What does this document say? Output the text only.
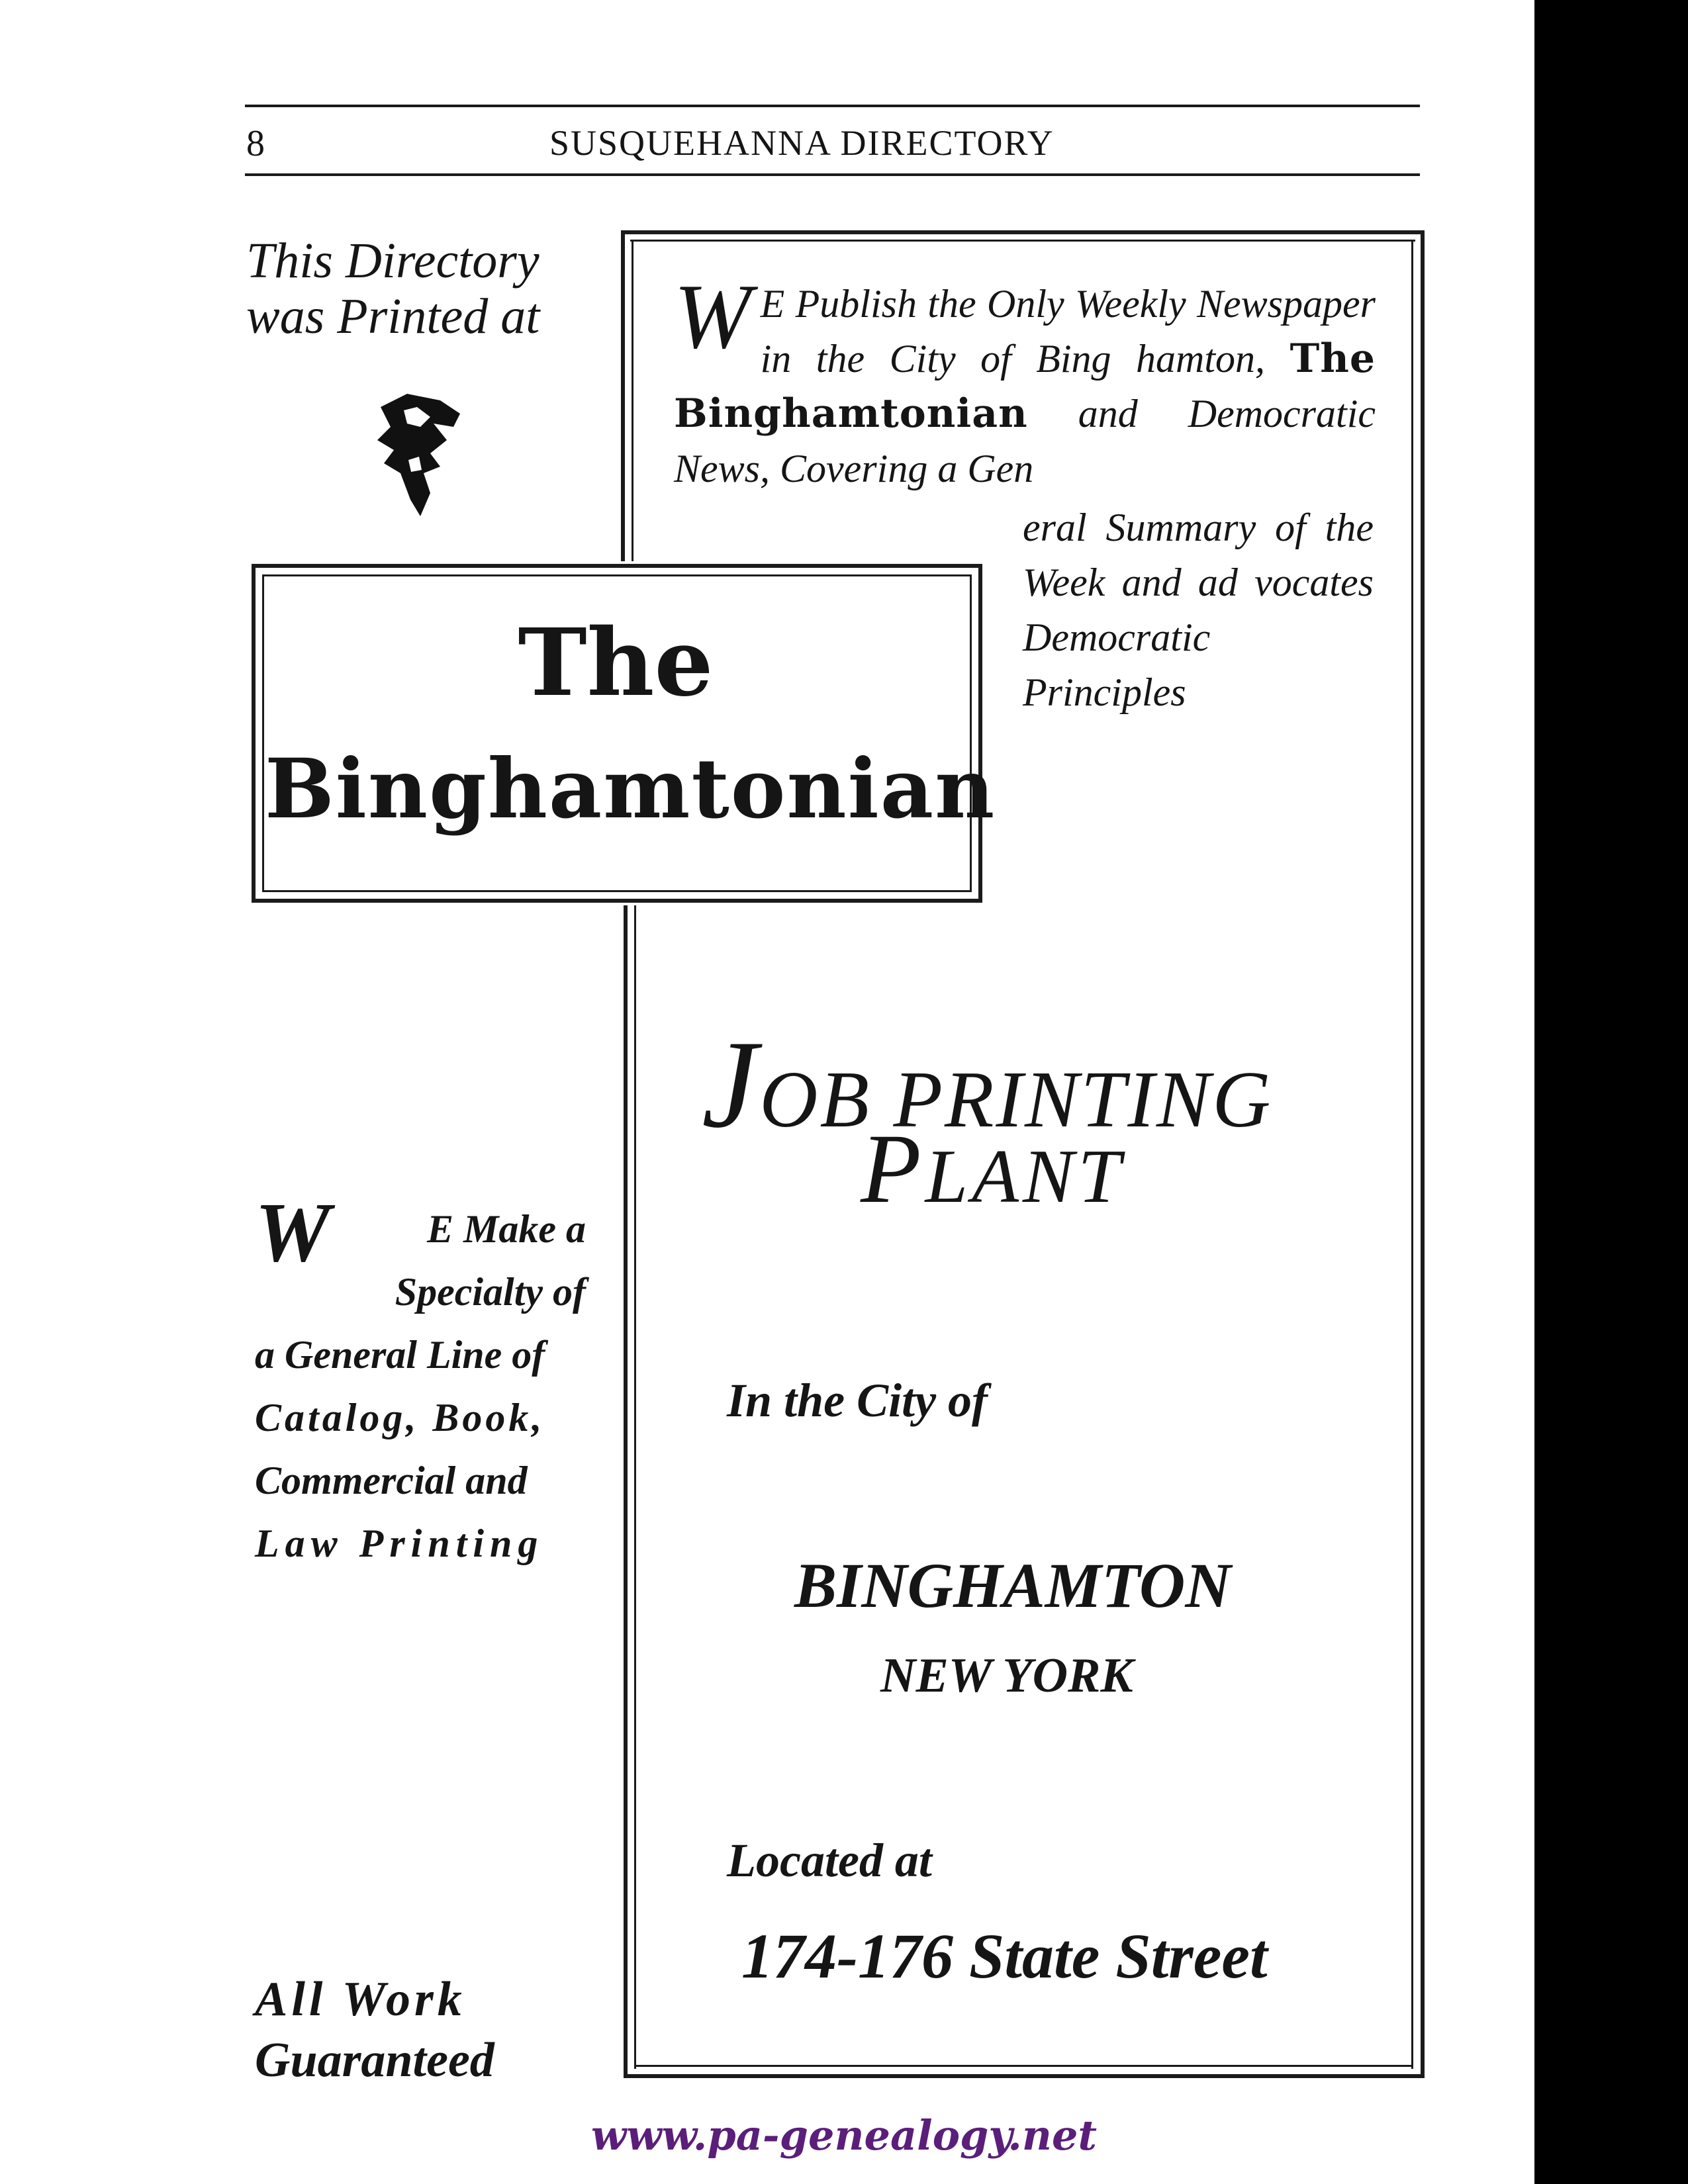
8	SUSQUEHANNA DIRECTORY
This Directory
was Printed at	W E Publish the Only Weekly Newspaper in the City of Bing hamton, The Binghamtonian and Democratic News, Covering a Gen
eral Summary of the Week and ad vocates Democratic Principles
The
Binghamtonian
JOB PRINTING
PLANT
In the City of
BINGHAMTON
NEW YORK
Located at
174-176 State Street
W E Make a
Specialty of
a General Line of
Catalog, Book,
Commercial and
Law Printing
All Work
Guaranteed
www.pa-genealogy.net
